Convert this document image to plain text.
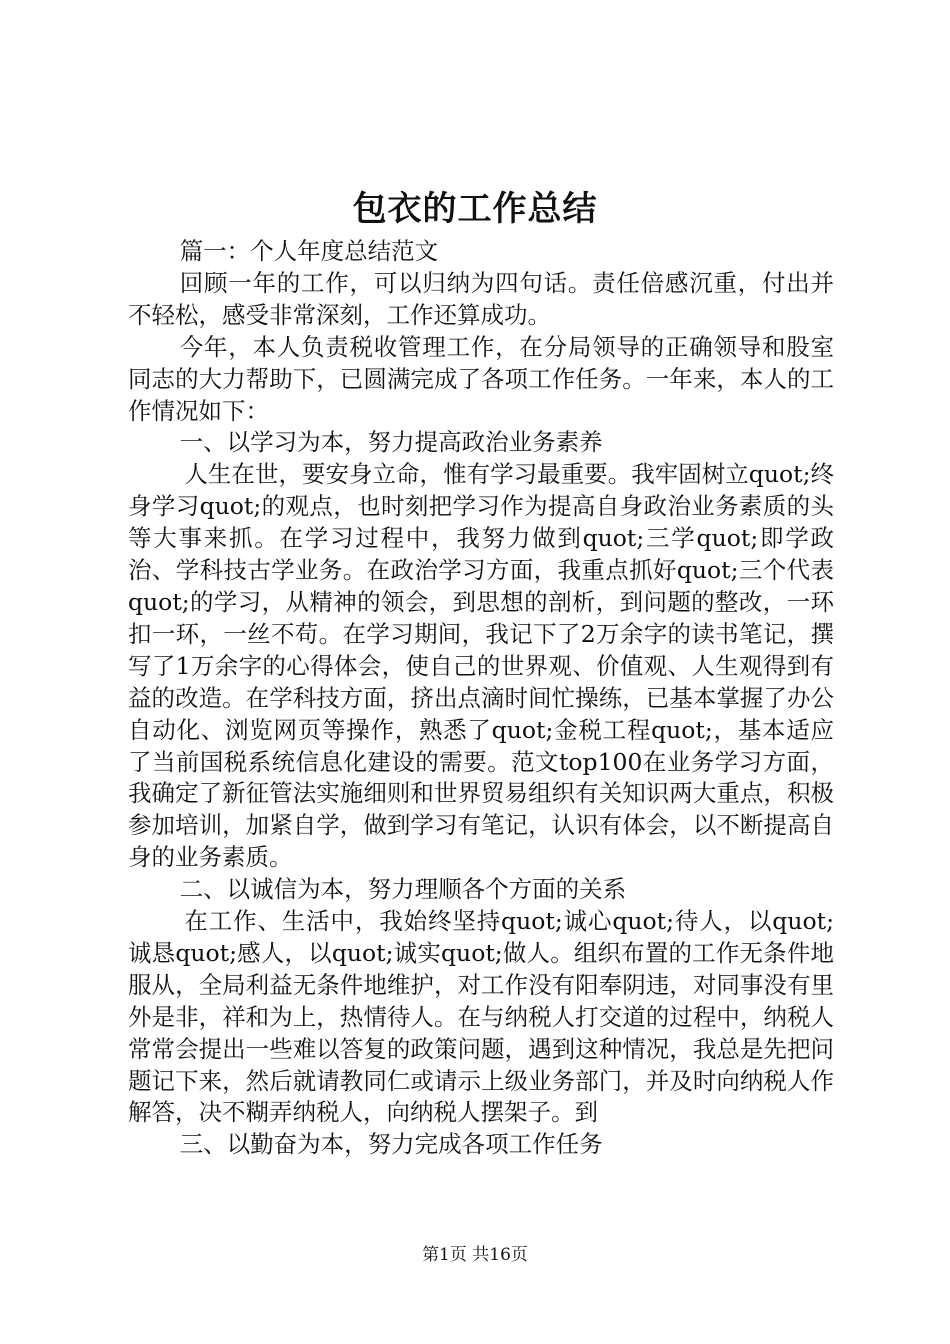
包衣的工作总结

篇一：个人年度总结范文

回顾一年的工作，可以归纳为四句话。责任倍感沉重，付出并不轻松，感受非常深刻，工作还算成功。

今年，本人负责税收管理工作，在分局领导的正确领导和股室同志的大力帮助下，已圆满完成了各项工作任务。一年来，本人的工作情况如下：

一、以学习为本，努力提高政治业务素养

人生在世，要安身立命，惟有学习最重要。我牢固树立quot;终身学习quot;的观点，也时刻把学习作为提高自身政治业务素质的头等大事来抓。在学习过程中，我努力做到quot;三学quot;即学政治、学科技古学业务。在政治学习方面，我重点抓好quot;三个代表quot;的学习，从精神的领会，到思想的剖析，到问题的整改，一环扣一环，一丝不苟。在学习期间，我记下了2万余字的读书笔记，撰写了1万余字的心得体会，使自己的世界观、价值观、人生观得到有益的改造。在学科技方面，挤出点滴时间忙操练，已基本掌握了办公自动化、浏览网页等操作，熟悉了quot;金税工程quot;，基本适应了当前国税系统信息化建设的需要。范文top100在业务学习方面，我确定了新征管法实施细则和世界贸易组织有关知识两大重点，积极参加培训，加紧自学，做到学习有笔记，认识有体会，以不断提高自身的业务素质。

二、以诚信为本，努力理顺各个方面的关系

在工作、生活中，我始终坚持quot;诚心quot;待人，以quot;诚恳quot;感人，以quot;诚实quot;做人。组织布置的工作无条件地服从，全局利益无条件地维护，对工作没有阳奉阴违，对同事没有里外是非，祥和为上，热情待人。在与纳税人打交道的过程中，纳税人常常会提出一些难以答复的政策问题，遇到这种情况，我总是先把问题记下来，然后就请教同仁或请示上级业务部门，并及时向纳税人作解答，决不糊弄纳税人，向纳税人摆架子。到

三、以勤奋为本，努力完成各项工作任务

第1页 共16页
